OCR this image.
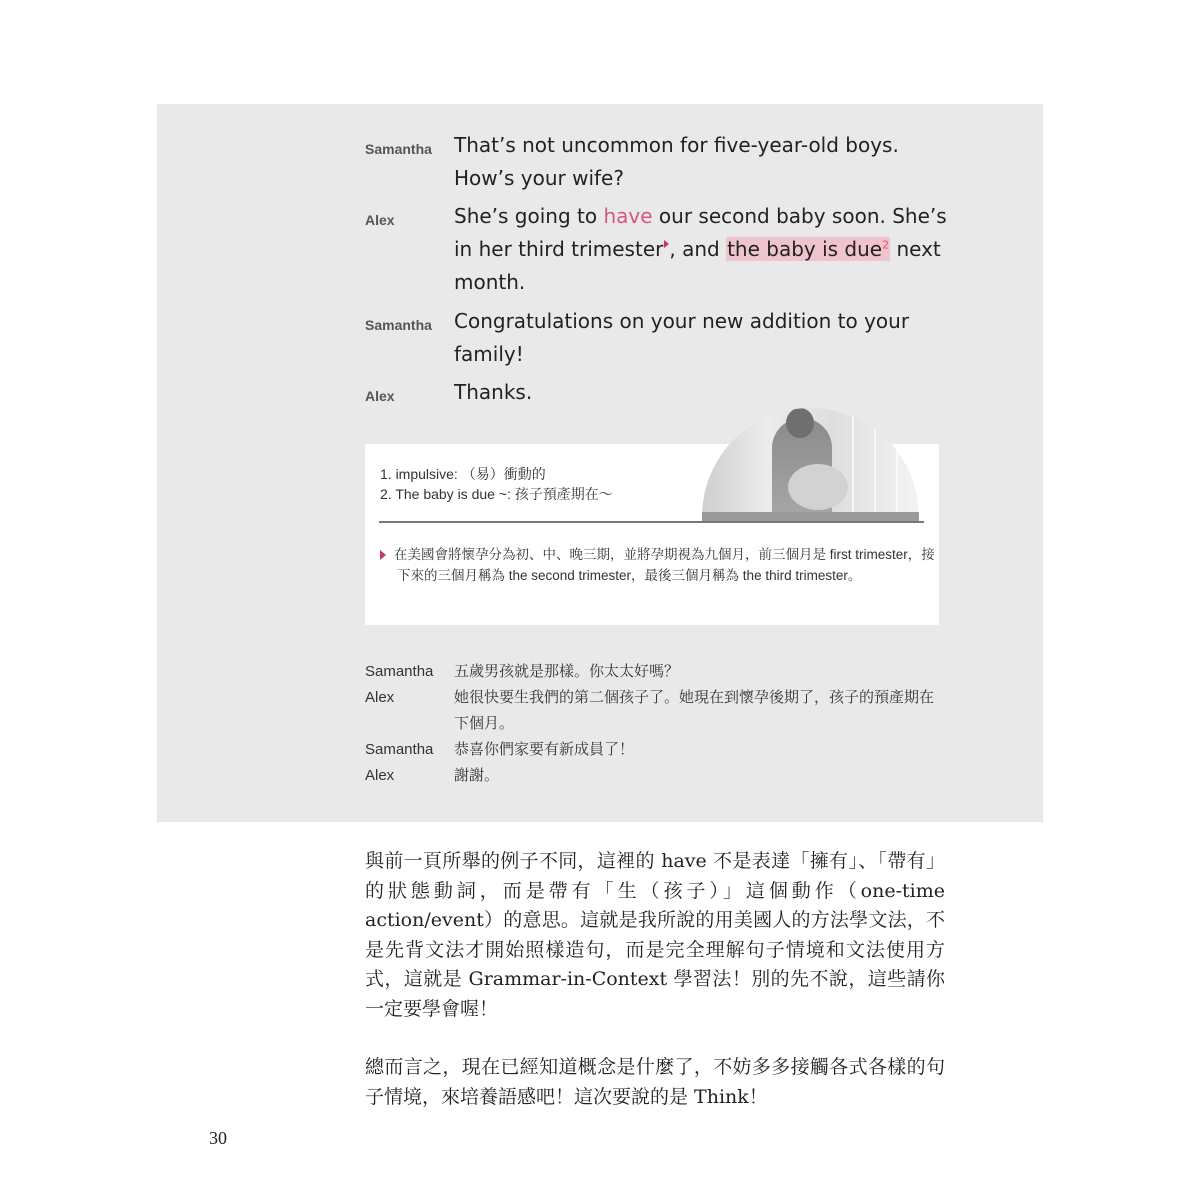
Samantha That’s not uncommon for five-year-old boys.
How’s your wife?
Alex	She’s going to have our second baby soon. She’s in her third trimester , and the baby is due$^2$ next month.
Samantha Congratulations on your new addition to your family!
Alex	Thanks.
1. impulsive: （易）衝動的
2. The baby is due ~: 孩子預產期在～
在美國會將懷孕分為初、中、晚三期，並將孕期視為九個月，前三個月是 first trimester，接下來的三個月稱為 the second trimester，最後三個月稱為 the third trimester。
Samantha 五歲男孩就是那樣。你太太好嗎？
Alex	她很快要生我們的第二個孩子了。她現在到懷孕後期了，孩子的預產期在下個月。
Samantha 恭喜你們家要有新成員了！
Alex	謝謝。
與前一頁所舉的例子不同，這裡的 have 不是表達「擁有」、「帶有」的狀態動詞，而是帶有「生（孩子）」這個動作（one-time action/event）的意思。這就是我所說的用美國人的方法學文法，不是先背文法才開始照樣造句，而是完全理解句子情境和文法使用方式，這就是 Grammar-in-Context 學習法！別的先不說，這些請你一定要學會喔！
總而言之，現在已經知道概念是什麼了，不妨多多接觸各式各樣的句子情境，來培養語感吧！這次要說的是 Think！
30
